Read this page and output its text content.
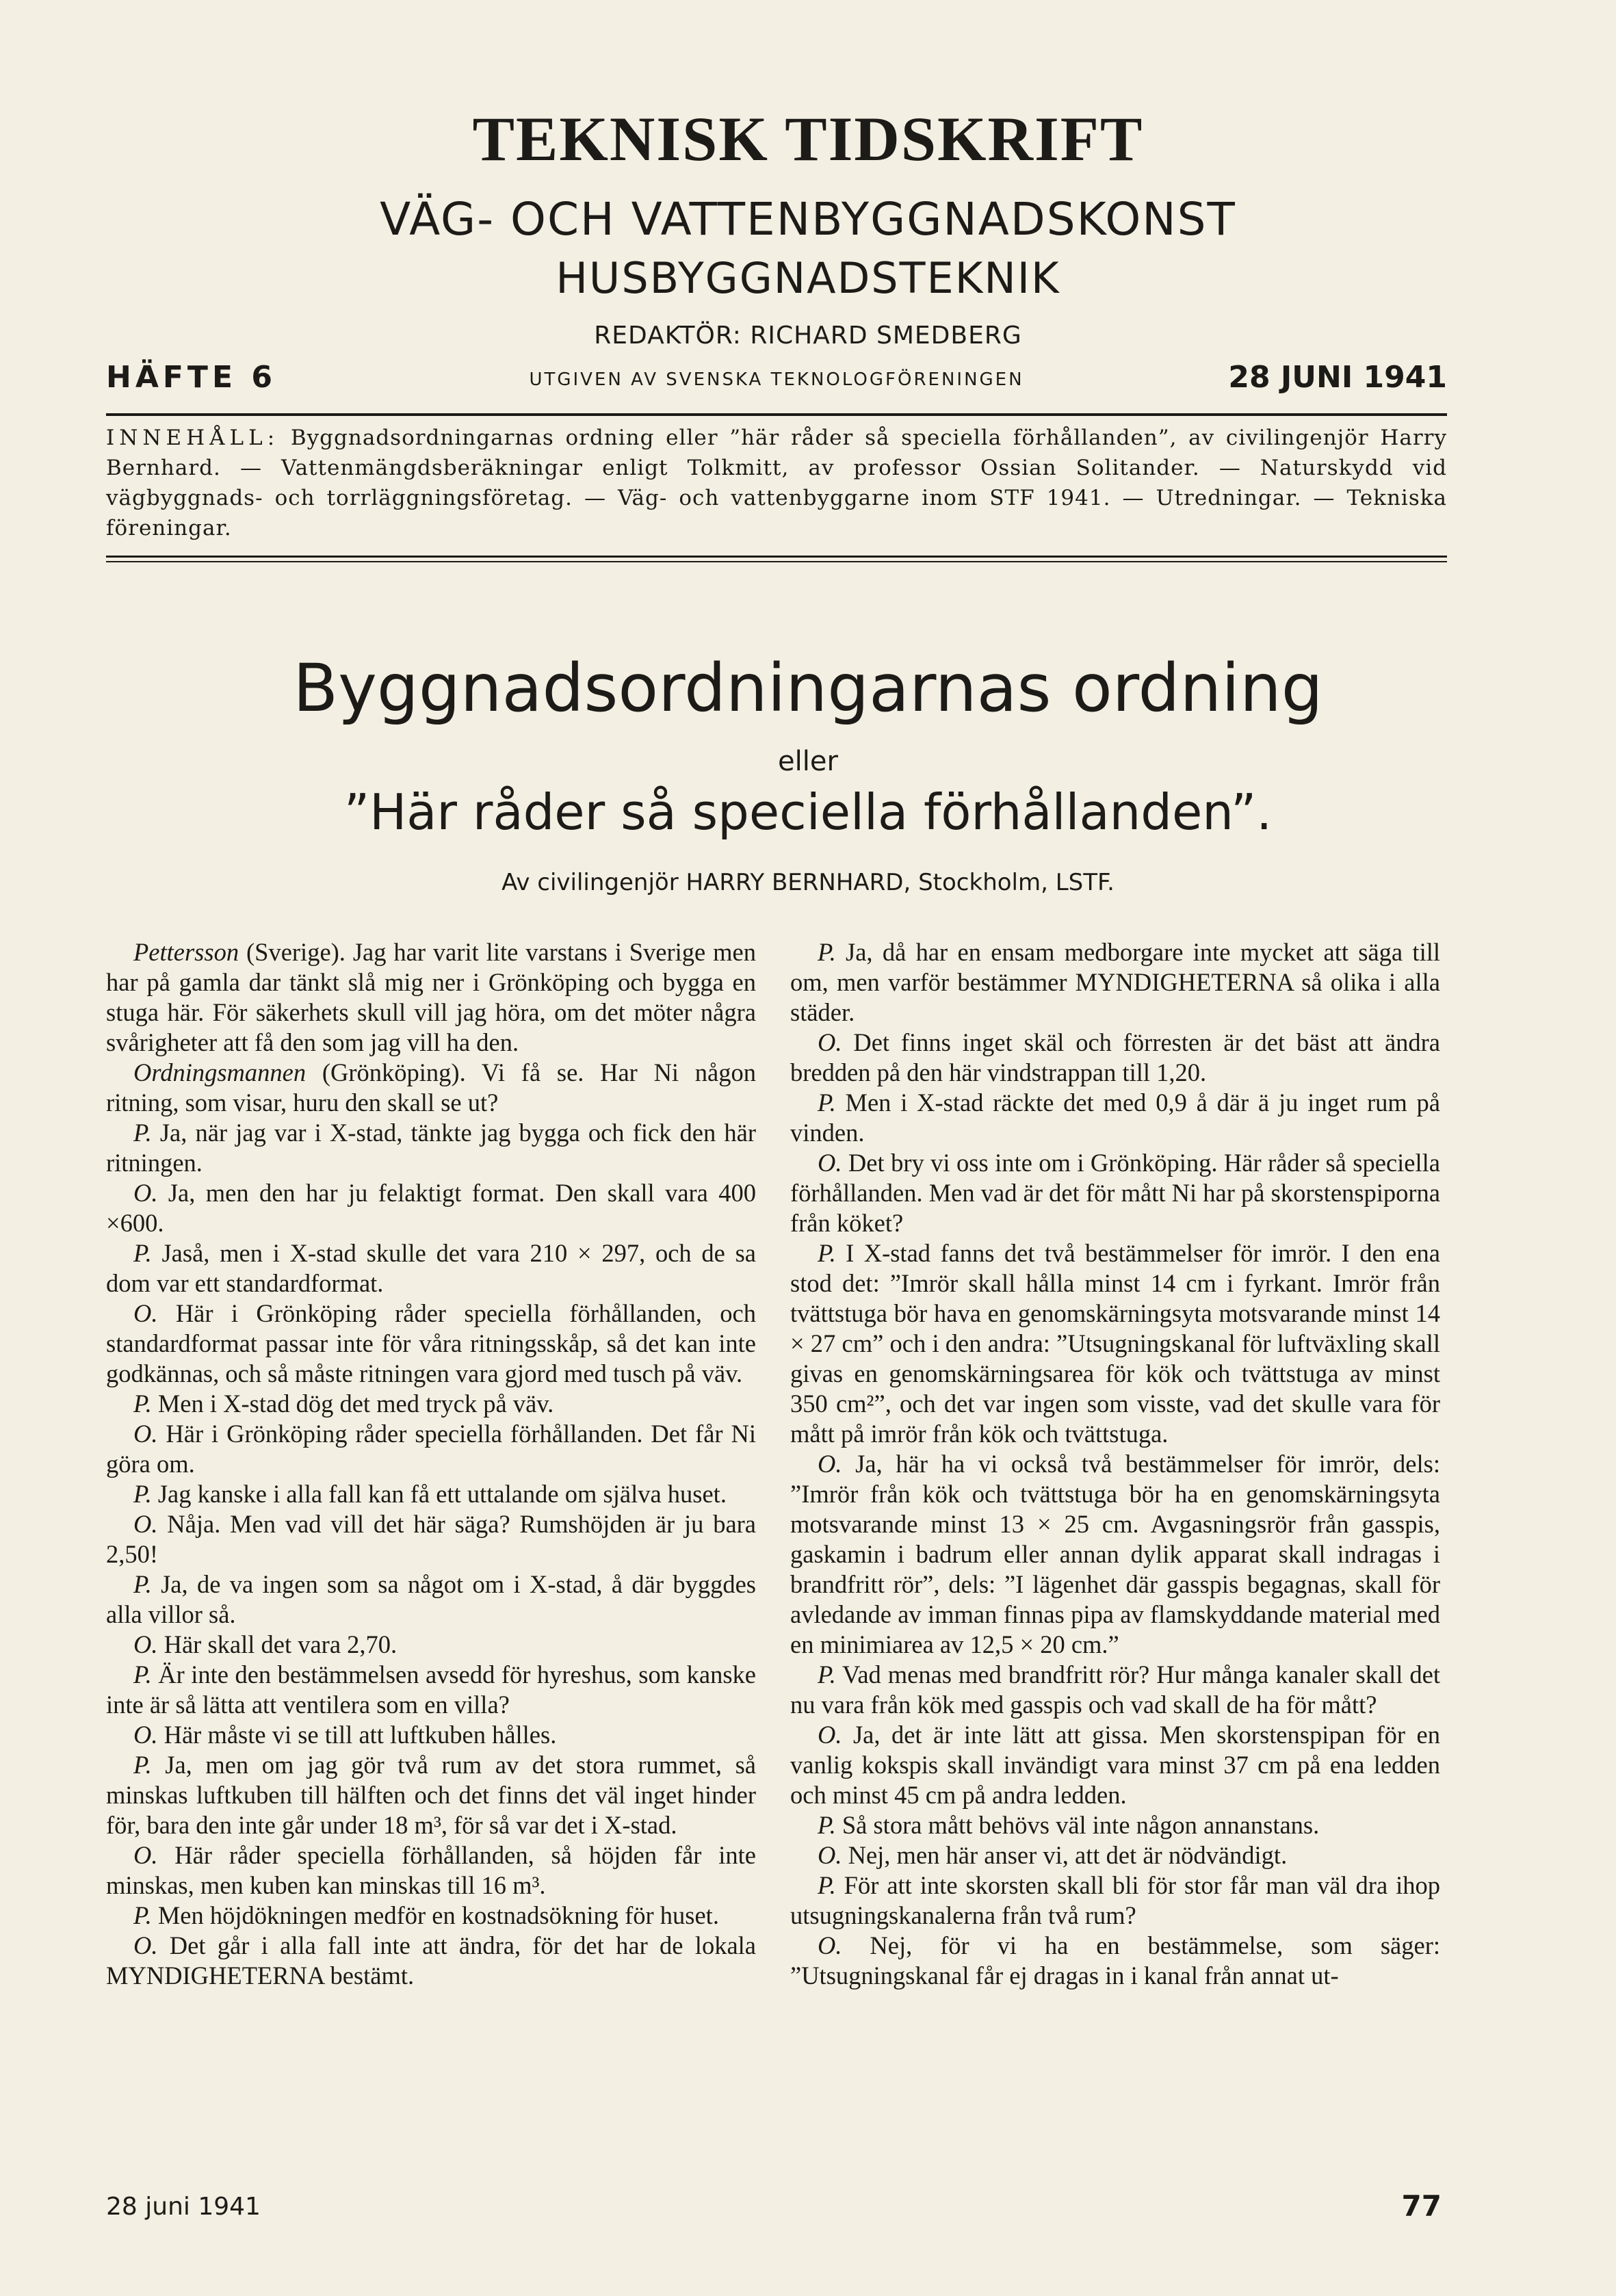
TEKNISK TIDSKRIFT
VÄG- OCH VATTENBYGGNADSKONST
HUSBYGGNADSTEKNIK
REDAKTÖR: RICHARD SMEDBERG
HÄFTE 6	UTGIVEN AV SVENSKA TEKNOLOGFÖRENINGEN	28 JUNI 1941
INNEHÅLL: Byggnadsordningarnas ordning eller ”här råder så speciella förhållanden”, av civilingenjör Harry Bernhard. — Vattenmängdsberäkningar enligt Tolkmitt, av professor Ossian Solitander. — Naturskydd vid vägbyggnads- och torrläggningsföretag. — Väg- och vattenbyggarne inom STF 1941. — Utredningar. — Tekniska föreningar.
Byggnadsordningarnas ordning
eller
”Här råder så speciella förhållanden”.
Av civilingenjör HARRY BERNHARD, Stockholm, LSTF.

Pettersson (Sverige). Jag har varit lite varstans i Sverige men har på gamla dar tänkt slå mig ner i Grönköping och bygga en stuga här. För säkerhets skull vill jag höra, om det möter några svårigheter att få den som jag vill ha den.

Ordningsmannen (Grönköping). Vi få se. Har Ni någon ritning, som visar, huru den skall se ut?

P. Ja, när jag var i X-stad, tänkte jag bygga och fick den här ritningen.

O. Ja, men den har ju felaktigt format. Den skall vara 400 ×600.

P. Jaså, men i X-stad skulle det vara 210 × 297, och de sa dom var ett standardformat.

O. Här i Grönköping råder speciella förhållanden, och standardformat passar inte för våra ritningsskåp, så det kan inte godkännas, och så måste ritningen vara gjord med tusch på väv.

P. Men i X-stad dög det med tryck på väv.

O. Här i Grönköping råder speciella förhållanden. Det får Ni göra om.

P. Jag kanske i alla fall kan få ett uttalande om själva huset.

O. Nåja. Men vad vill det här säga? Rumshöjden är ju bara 2,50!

P. Ja, de va ingen som sa något om i X-stad, å där byggdes alla villor så.

O. Här skall det vara 2,70.

P. Är inte den bestämmelsen avsedd för hyreshus, som kanske inte är så lätta att ventilera som en villa?

O. Här måste vi se till att luftkuben hålles.

P. Ja, men om jag gör två rum av det stora rummet, så minskas luftkuben till hälften och det finns det väl inget hinder för, bara den inte går under 18 m³, för så var det i X-stad.

O. Här råder speciella förhållanden, så höjden får inte minskas, men kuben kan minskas till 16 m³.

P. Men höjdökningen medför en kostnadsökning för huset.

O. Det går i alla fall inte att ändra, för det har de lokala MYNDIGHETERNA bestämt.

P. Ja, då har en ensam medborgare inte mycket att säga till om, men varför bestämmer MYNDIGHETERNA så olika i alla städer.

O. Det finns inget skäl och förresten är det bäst att ändra bredden på den här vindstrappan till 1,20.

P. Men i X-stad räckte det med 0,9 å där ä ju inget rum på vinden.

O. Det bry vi oss inte om i Grönköping. Här råder så speciella förhållanden. Men vad är det för mått Ni har på skorstenspiporna från köket?

P. I X-stad fanns det två bestämmelser för imrör. I den ena stod det: ”Imrör skall hålla minst 14 cm i fyrkant. Imrör från tvättstuga bör hava en genomskärningsyta motsvarande minst 14 × 27 cm” och i den andra: ”Utsugningskanal för luftväxling skall givas en genomskärningsarea för kök och tvättstuga av minst 350 cm²”, och det var ingen som visste, vad det skulle vara för mått på imrör från kök och tvättstuga.

O. Ja, här ha vi också två bestämmelser för imrör, dels: ”Imrör från kök och tvättstuga bör ha en genomskärningsyta motsvarande minst 13 × 25 cm. Avgasningsrör från gasspis, gaskamin i badrum eller annan dylik apparat skall indragas i brandfritt rör”, dels: ”I lägenhet där gasspis begagnas, skall för avledande av imman finnas pipa av flamskyddande material med en minimiarea av 12,5 × 20 cm.”

P. Vad menas med brandfritt rör? Hur många kanaler skall det nu vara från kök med gasspis och vad skall de ha för mått?

O. Ja, det är inte lätt att gissa. Men skorstenspipan för en vanlig kokspis skall invändigt vara minst 37 cm på ena ledden och minst 45 cm på andra ledden.

P. Så stora mått behövs väl inte någon annanstans.

O. Nej, men här anser vi, att det är nödvändigt.

P. För att inte skorsten skall bli för stor får man väl dra ihop utsugningskanalerna från två rum?

O. Nej, för vi ha en bestämmelse, som säger: ”Utsugningskanal får ej dragas in i kanal från annat ut-

28 juni 1941	77
